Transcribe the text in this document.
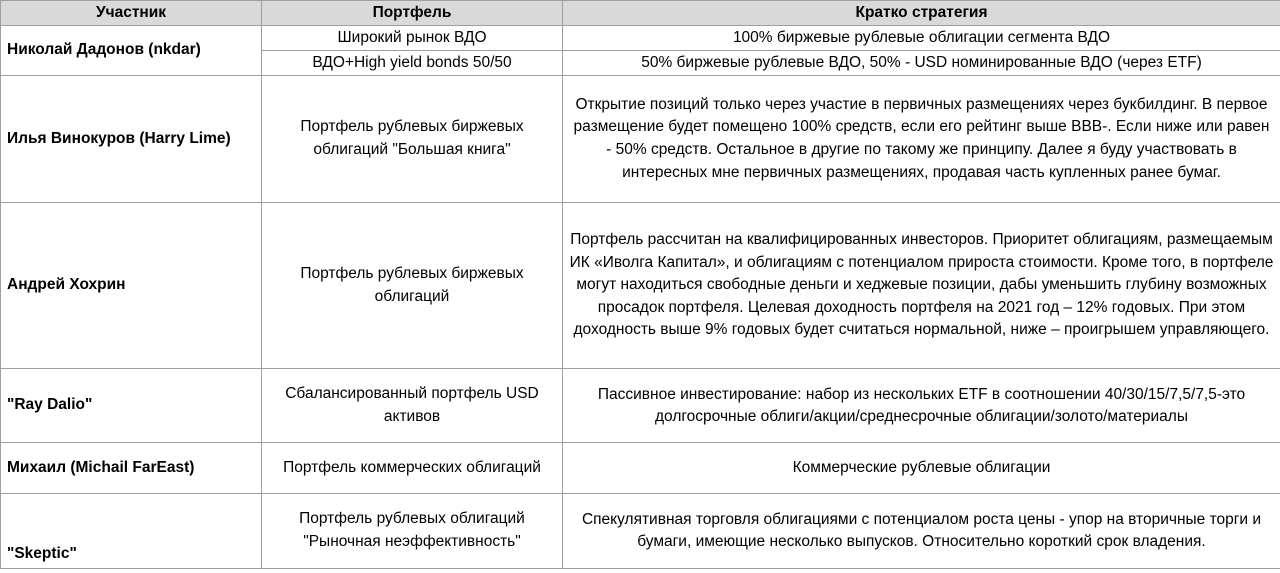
Участник	Портфель	Кратко стратегия
Николай Дадонов (nkdar)	Широкий рынок ВДО	100% биржевые рублевые облигации сегмента ВДО
	ВДО+High yield bonds 50/50	50% биржевые рублевые ВДО, 50% - USD номинированные ВДО (через ETF)
Илья Винокуров (Harry Lime)	Портфель рублевых биржевых облигаций "Большая книга"	Открытие позиций только через участие в первичных размещениях через букбилдинг. В первое размещение будет помещено 100% средств, если его рейтинг выше BBB-. Если ниже или равен - 50% средств. Остальное в другие по такому же принципу. Далее я буду участвовать в интересных мне первичных размещениях, продавая часть купленных ранее бумаг.
Андрей Хохрин	Портфель рублевых биржевых облигаций	Портфель рассчитан на квалифицированных инвесторов. Приоритет облигациям, размещаемым ИК «Иволга Капитал», и облигациям с потенциалом прироста стоимости. Кроме того, в портфеле могут находиться свободные деньги и хеджевые позиции, дабы уменьшить глубину возможных просадок портфеля. Целевая доходность портфеля на 2021 год – 12% годовых. При этом доходность выше 9% годовых будет считаться нормальной, ниже – проигрышем управляющего.
"Ray Dalio"	Сбалансированный портфель USD активов	Пассивное инвестирование: набор из нескольких ETF в соотношении 40/30/15/7,5/7,5-это долгосрочные облиги/акции/среднесрочные облигации/золото/материалы
Михаил (Michail FarEast)	Портфель коммерческих облигаций	Коммерческие рублевые облигации
"Skeptic"	Портфель рублевых облигаций "Рыночная неэффективность"	Спекулятивная торговля облигациями с потенциалом роста цены - упор на вторичные торги и бумаги, имеющие несколько выпусков. Относительно короткий срок владения.
